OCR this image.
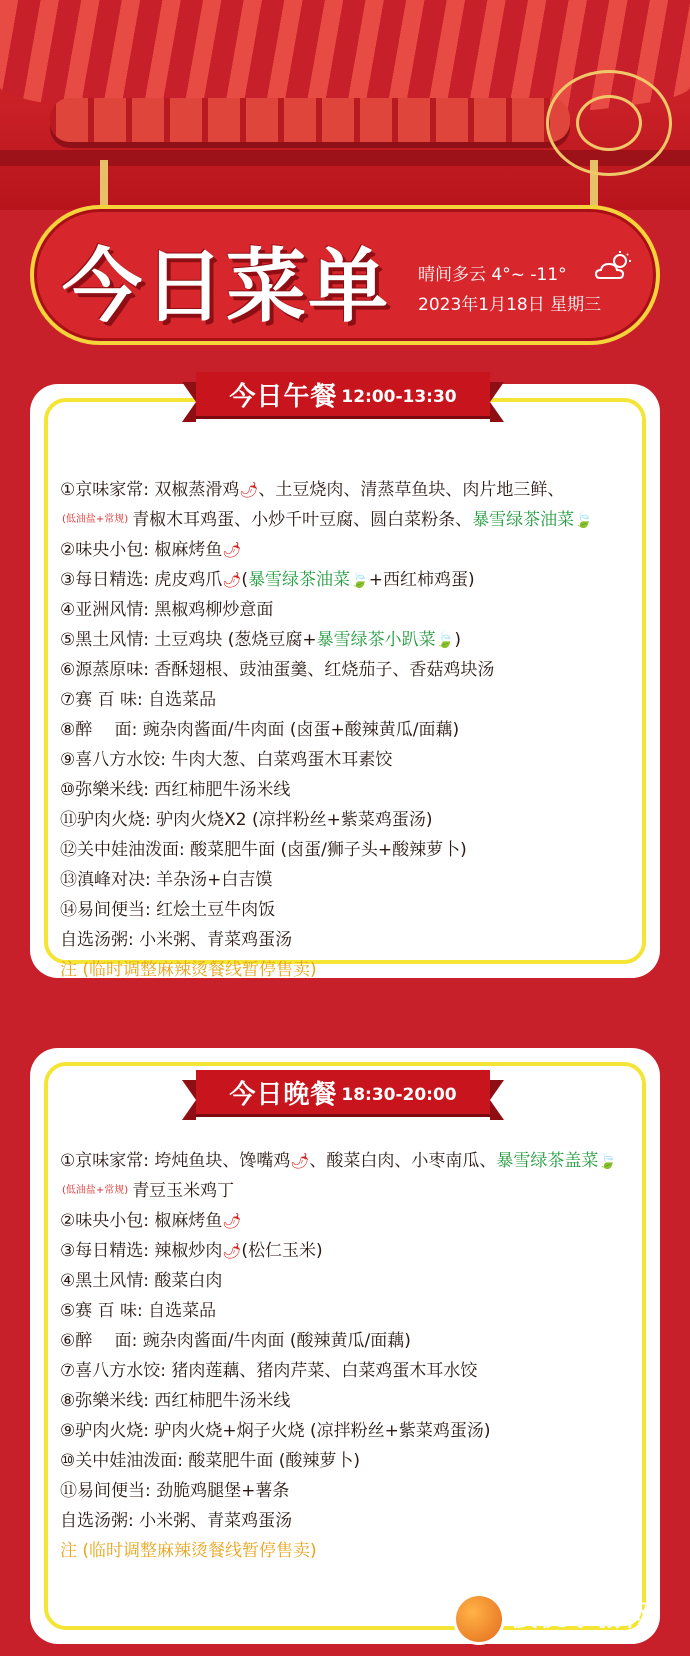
今日菜单 晴间多云 4°~ -11°
2023年1月18日 星期三
今日午餐 12:00-13:30
①京味家常: 双椒蒸滑鸡🌶、土豆烧肉、清蒸草鱼块、肉片地三鲜、
(低油盐+常规) 青椒木耳鸡蛋、小炒千叶豆腐、圆白菜粉条、暴雪绿茶油菜🍃
②味央小包: 椒麻烤鱼🌶
③每日精选: 虎皮鸡爪🌶(暴雪绿茶油菜🍃+西红柿鸡蛋)
④亚洲风情: 黑椒鸡柳炒意面
⑤黑土风情: 土豆鸡块 (葱烧豆腐+暴雪绿茶小趴菜🍃)
⑥源蒸原味: 香酥翅根、豉油蛋羹、红烧茄子、香菇鸡块汤
⑦赛 百 味: 自选菜品
⑧醉　 面: 豌杂肉酱面/牛肉面 (卤蛋+酸辣黄瓜/面藕)
⑨喜八方水饺: 牛肉大葱、白菜鸡蛋木耳素饺
⑩弥樂米线: 西红柿肥牛汤米线
⑪驴肉火烧: 驴肉火烧X2 (凉拌粉丝+紫菜鸡蛋汤)
⑫关中娃油泼面: 酸菜肥牛面 (卤蛋/狮子头+酸辣萝卜)
⑬滇峰对决: 羊杂汤+白吉馍
⑭易间便当: 红烩土豆牛肉饭
自选汤粥: 小米粥、青菜鸡蛋汤
注 (临时调整麻辣烫餐线暂停售卖)
今日晚餐 18:30-20:00
①京味家常: 垮炖鱼块、馋嘴鸡🌶、酸菜白肉、小枣南瓜、暴雪绿茶盖菜🍃
(低油盐+常规) 青豆玉米鸡丁
②味央小包: 椒麻烤鱼🌶
③每日精选: 辣椒炒肉🌶(松仁玉米)
④黑土风情: 酸菜白肉
⑤赛 百 味: 自选菜品
⑥醉　 面: 豌杂肉酱面/牛肉面 (酸辣黄瓜/面藕)
⑦喜八方水饺: 猪肉莲藕、猪肉芹菜、白菜鸡蛋木耳水饺
⑧弥樂米线: 西红柿肥牛汤米线
⑨驴肉火烧: 驴肉火烧+焖子火烧 (凉拌粉丝+紫菜鸡蛋汤)
⑩关中娃油泼面: 酸菜肥牛面 (酸辣萝卜)
⑪易间便当: 劲脆鸡腿堡+薯条
自选汤粥: 小米粥、青菜鸡蛋汤
注 (临时调整麻辣烫餐线暂停售卖)
樱桃手游网
YINGTAOSHOUYOUWANG
